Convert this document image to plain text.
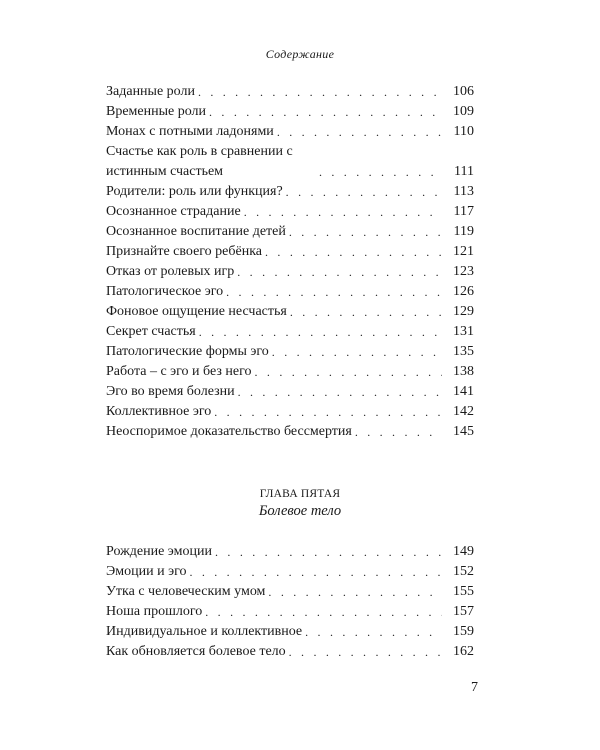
Содержание
Заданные роли . . .	106
Временные роли . . .	109
Монах с потными ладонями . . .	110
Счастье как роль в сравнении с истинным счастьем . . .	111
Родители: роль или функция? . . .	113
Осознанное страдание . . .	117
Осознанное воспитание детей . . .	119
Признайте своего ребёнка . . .	121
Отказ от ролевых игр . . .	123
Патологическое эго . . .	126
Фоновое ощущение несчастья . . .	129
Секрет счастья . . .	131
Патологические формы эго . . .	135
Работа – с эго и без него . . .	138
Эго во время болезни . . .	141
Коллективное эго . . .	142
Неоспоримое доказательство бессмертия . . .	145
ГЛАВА ПЯТАЯ
Болевое тело
Рождение эмоции . . .	149
Эмоции и эго . . .	152
Утка с человеческим умом . . .	155
Ноша прошлого . . .	157
Индивидуальное и коллективное . . .	159
Как обновляется болевое тело . . .	162
7
